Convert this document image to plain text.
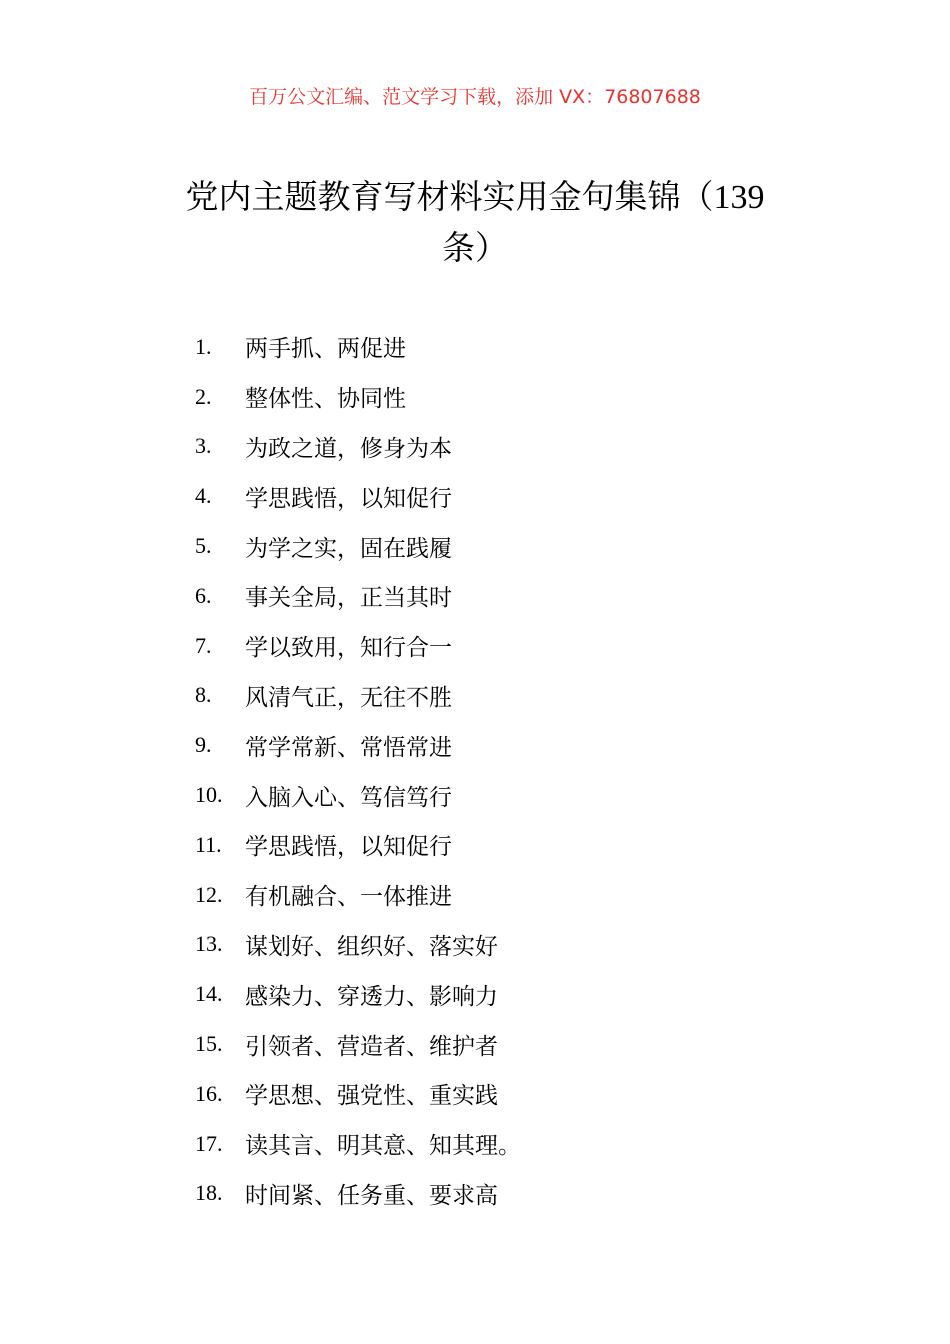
百万公文汇编、范文学习下载，添加 VX：76807688
党内主题教育写材料实用金句集锦（139
条）
1.	两手抓、两促进
2.	整体性、协同性
3.	为政之道，修身为本
4.	学思践悟，以知促行
5.	为学之实，固在践履
6.	事关全局，正当其时
7.	学以致用，知行合一
8.	风清气正，无往不胜
9.	常学常新、常悟常进
10. 入脑入心、笃信笃行
11.	学思践悟，以知促行
12. 有机融合、一体推进
13. 谋划好、组织好、落实好
14. 感染力、穿透力、影响力
15. 引领者、营造者、维护者
16. 学思想、强党性、重实践
17. 读其言、明其意、知其理。
18. 时间紧、任务重、要求高
